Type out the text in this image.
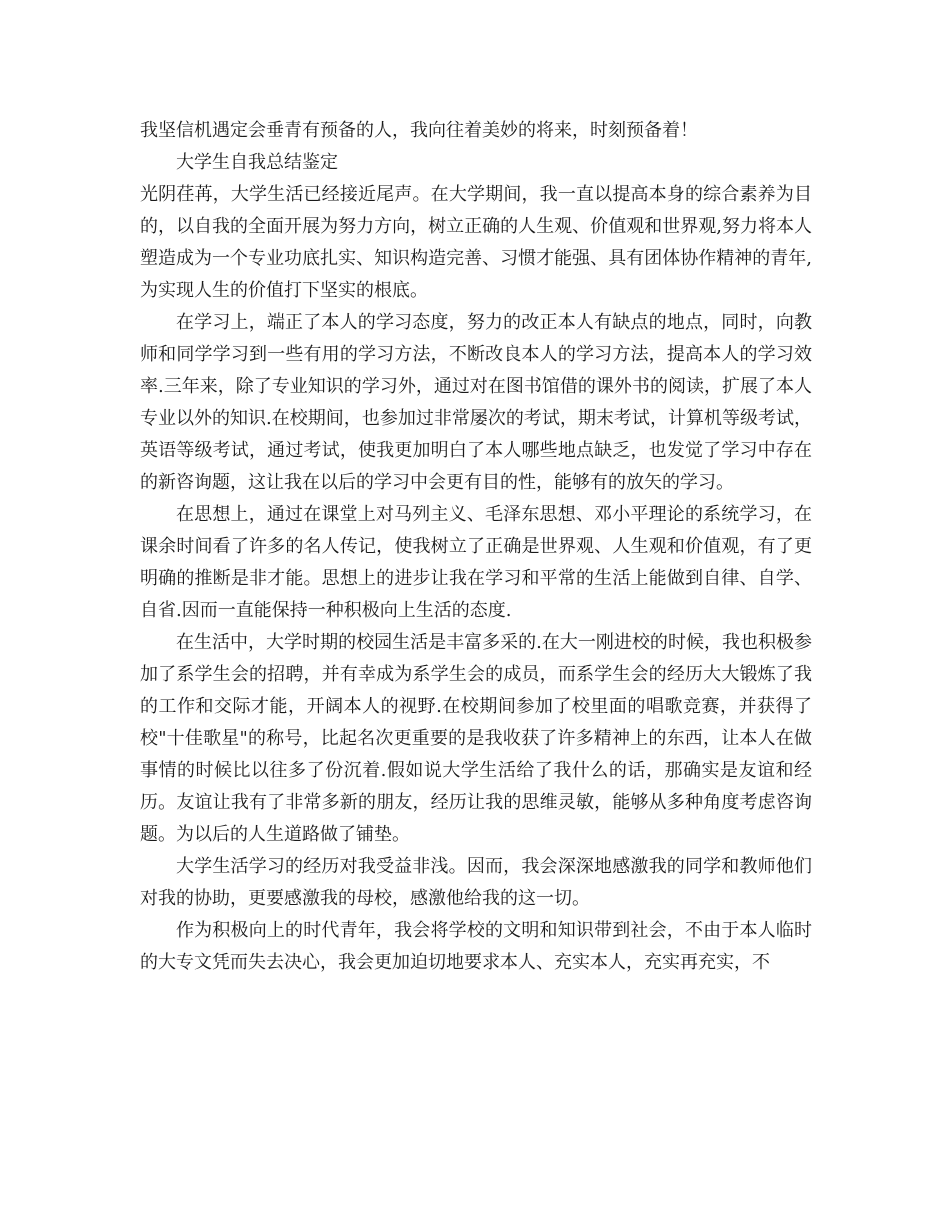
我坚信机遇定会垂青有预备的人，我向往着美妙的将来，时刻预备着！

大学生自我总结鉴定

光阴荏苒，大学生活已经接近尾声。在大学期间，我一直以提高本身的综合素养为目的，以自我的全面开展为努力方向，树立正确的人生观、价值观和世界观,努力将本人塑造成为一个专业功底扎实、知识构造完善、习惯才能强、具有团体协作精神的青年,为实现人生的价值打下坚实的根底。

在学习上，端正了本人的学习态度，努力的改正本人有缺点的地点，同时，向教师和同学学习到一些有用的学习方法，不断改良本人的学习方法，提高本人的学习效率.三年来，除了专业知识的学习外，通过对在图书馆借的课外书的阅读，扩展了本人专业以外的知识.在校期间，也参加过非常屡次的考试，期末考试，计算机等级考试，英语等级考试，通过考试，使我更加明白了本人哪些地点缺乏，也发觉了学习中存在的新咨询题，这让我在以后的学习中会更有目的性，能够有的放矢的学习。

在思想上，通过在课堂上对马列主义、毛泽东思想、邓小平理论的系统学习，在课余时间看了许多的名人传记，使我树立了正确是世界观、人生观和价值观，有了更明确的推断是非才能。思想上的进步让我在学习和平常的生活上能做到自律、自学、自省.因而一直能保持一种积极向上生活的态度.

在生活中，大学时期的校园生活是丰富多采的.在大一刚进校的时候，我也积极参加了系学生会的招聘，并有幸成为系学生会的成员，而系学生会的经历大大锻炼了我的工作和交际才能，开阔本人的视野.在校期间参加了校里面的唱歌竞赛，并获得了校"十佳歌星"的称号，比起名次更重要的是我收获了许多精神上的东西，让本人在做事情的时候比以往多了份沉着.假如说大学生活给了我什么的话，那确实是友谊和经历。友谊让我有了非常多新的朋友，经历让我的思维灵敏，能够从多种角度考虑咨询题。为以后的人生道路做了铺垫。

大学生活学习的经历对我受益非浅。因而，我会深深地感激我的同学和教师他们对我的协助，更要感激我的母校，感激他给我的这一切。

作为积极向上的时代青年，我会将学校的文明和知识带到社会，不由于本人临时的大专文凭而失去决心，我会更加迫切地要求本人、充实本人，充实再充实，不
